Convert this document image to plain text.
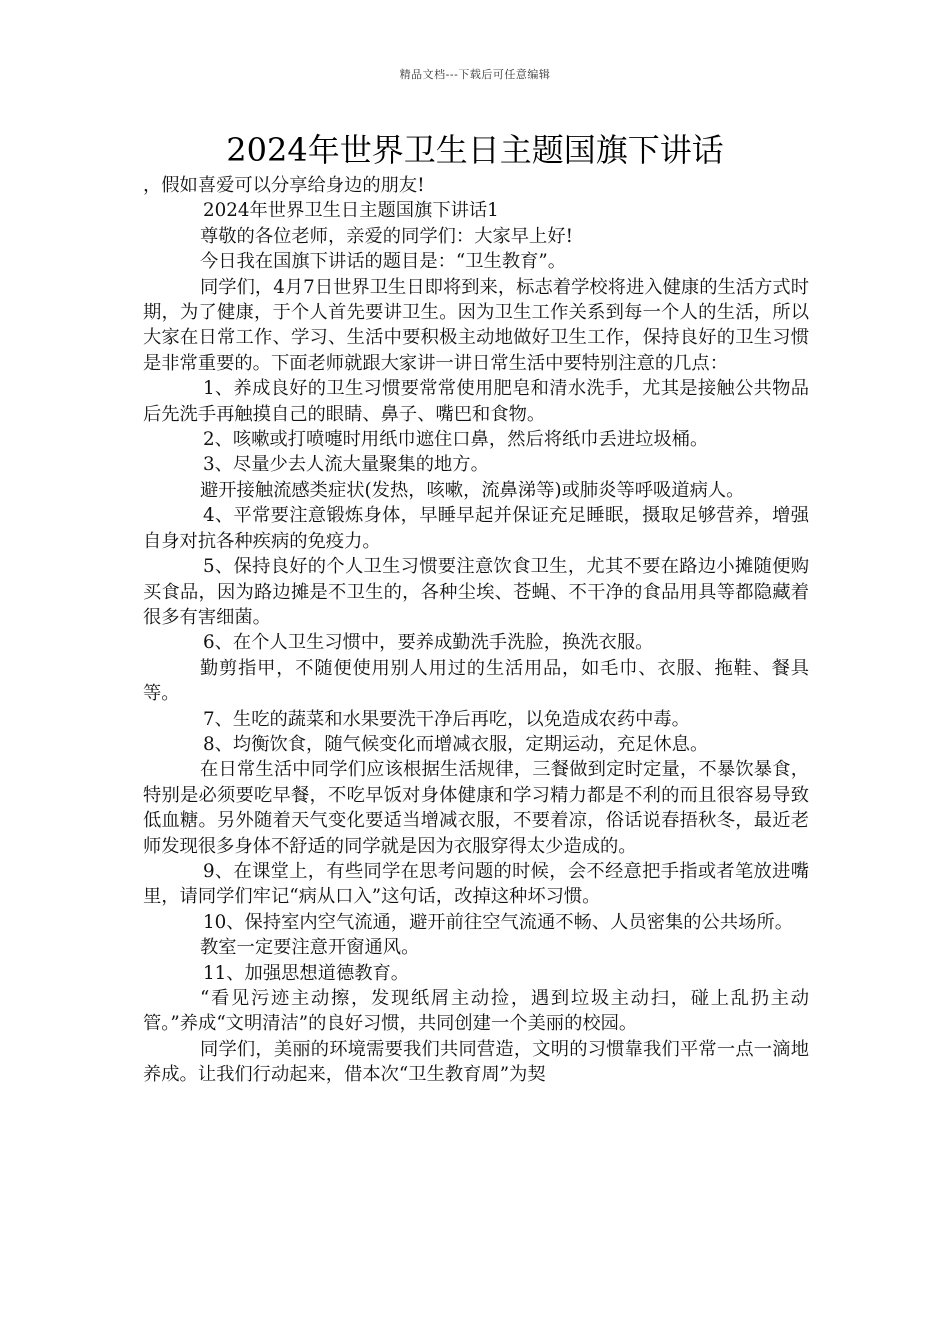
精品文档---下载后可任意编辑
2024年世界卫生日主题国旗下讲话

，假如喜爱可以分享给身边的朋友!

2024年世界卫生日主题国旗下讲话1

尊敬的各位老师，亲爱的同学们：大家早上好!

今日我在国旗下讲话的题目是：“卫生教育”。

同学们，4月7日世界卫生日即将到来，标志着学校将进入健康的生活方式时期，为了健康，于个人首先要讲卫生。因为卫生工作关系到每一个人的生活，所以大家在日常工作、学习、生活中要积极主动地做好卫生工作，保持良好的卫生习惯是非常重要的。下面老师就跟大家讲一讲日常生活中要特别注意的几点：

1、养成良好的卫生习惯要常常使用肥皂和清水洗手，尤其是接触公共物品后先洗手再触摸自己的眼睛、鼻子、嘴巴和食物。

2、咳嗽或打喷嚏时用纸巾遮住口鼻，然后将纸巾丢进垃圾桶。

3、尽量少去人流大量聚集的地方。

避开接触流感类症状(发热，咳嗽，流鼻涕等)或肺炎等呼吸道病人。

4、平常要注意锻炼身体，早睡早起并保证充足睡眠，摄取足够营养，增强自身对抗各种疾病的免疫力。

5、保持良好的个人卫生习惯要注意饮食卫生，尤其不要在路边小摊随便购买食品，因为路边摊是不卫生的，各种尘埃、苍蝇、不干净的食品用具等都隐藏着很多有害细菌。

6、在个人卫生习惯中，要养成勤洗手洗脸，换洗衣服。

勤剪指甲，不随便使用别人用过的生活用品，如毛巾、衣服、拖鞋、餐具等。

7、生吃的蔬菜和水果要洗干净后再吃，以免造成农药中毒。

8、均衡饮食，随气候变化而增减衣服，定期运动，充足休息。

在日常生活中同学们应该根据生活规律，三餐做到定时定量，不暴饮暴食，特别是必须要吃早餐，不吃早饭对身体健康和学习精力都是不利的而且很容易导致低血糖。另外随着天气变化要适当增减衣服，不要着凉，俗话说春捂秋冬，最近老师发现很多身体不舒适的同学就是因为衣服穿得太少造成的。

9、在课堂上，有些同学在思考问题的时候，会不经意把手指或者笔放进嘴里，请同学们牢记“病从口入”这句话，改掉这种坏习惯。

10、保持室内空气流通，避开前往空气流通不畅、人员密集的公共场所。

教室一定要注意开窗通风。

11、加强思想道德教育。

“看见污迹主动擦，发现纸屑主动捡，遇到垃圾主动扫，碰上乱扔主动管。”养成“文明清洁”的良好习惯，共同创建一个美丽的校园。

同学们，美丽的环境需要我们共同营造，文明的习惯靠我们平常一点一滴地养成。让我们行动起来，借本次“卫生教育周”为契
